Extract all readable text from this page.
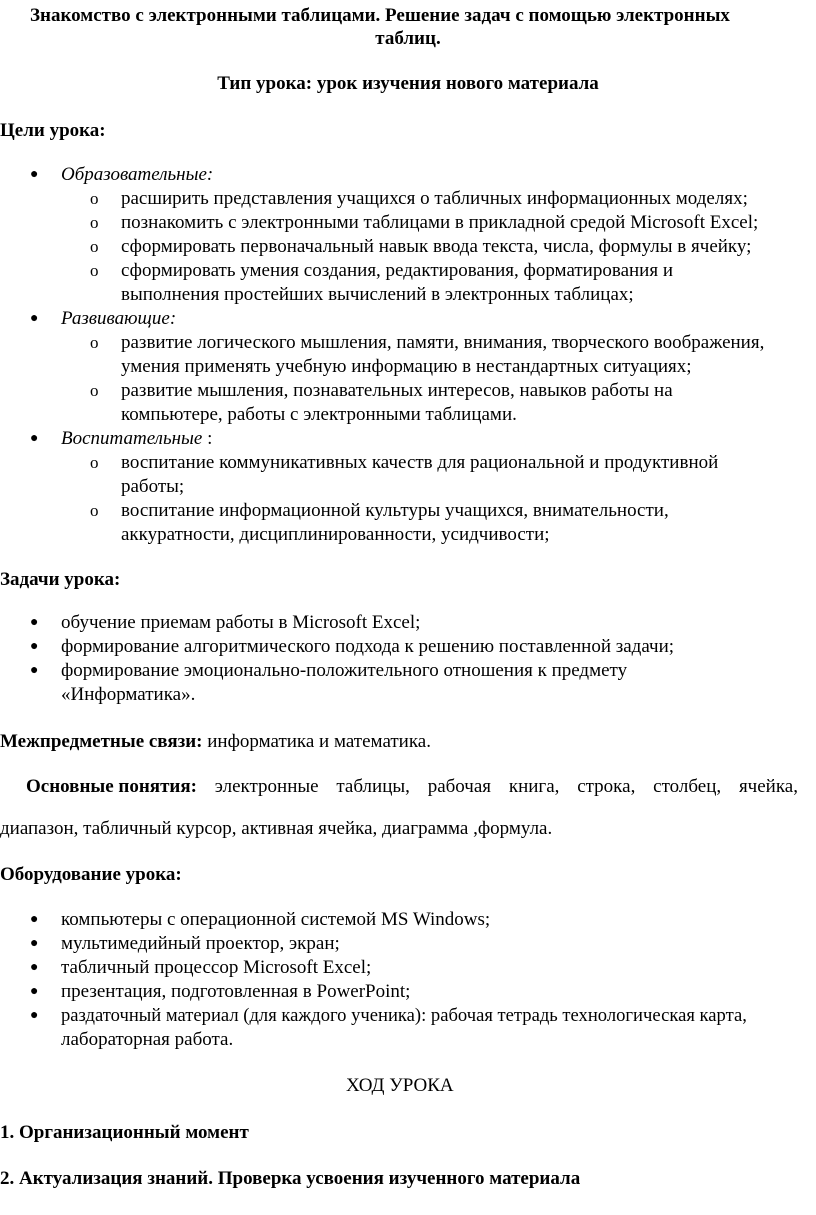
Знакомство с электронными таблицами. Решение задач с помощью электронных
таблиц.
Тип урока: урок изучения нового материала
Цели урока:
● Образовательные:
o расширить представления учащихся о табличных информационных моделях;
o познакомить с электронными таблицами в прикладной средой Microsoft Excel;
o сформировать первоначальный навык ввода текста, числа, формулы в ячейку;
o сформировать умения создания, редактирования, форматирования и
выполнения простейших вычислений в электронных таблицах;
● Развивающие:
o развитие логического мышления, памяти, внимания, творческого воображения,
умения применять учебную информацию в нестандартных ситуациях;
o развитие мышления, познавательных интересов, навыков работы на
компьютере, работы с электронными таблицами.
● Воспитательные :
o воспитание коммуникативных качеств для рациональной и продуктивной
работы;
o воспитание информационной культуры учащихся, внимательности,
аккуратности, дисциплинированности, усидчивости;
Задачи урока:
● обучение приемам работы в Microsoft Excel;
● формирование алгоритмического подхода к решению поставленной задачи;
● формирование эмоционально-положительного отношения к предмету
«Информатика».
Межпредметные связи: информатика и математика.
Основные понятия: электронные таблицы, рабочая книга, строка, столбец, ячейка,
диапазон, табличный курсор, активная ячейка, диаграмма ,формула.
Оборудование урока:
● компьютеры с операционной системой MS Windows;
● мультимедийный проектор, экран;
● табличный процессор Microsoft Excel;
● презентация, подготовленная в PowerPoint;
● раздаточный материал (для каждого ученика): рабочая тетрадь технологическая карта,
лабораторная работа.
ХОД УРОКА
1. Организационный момент
2. Актуализация знаний. Проверка усвоения изученного материала
